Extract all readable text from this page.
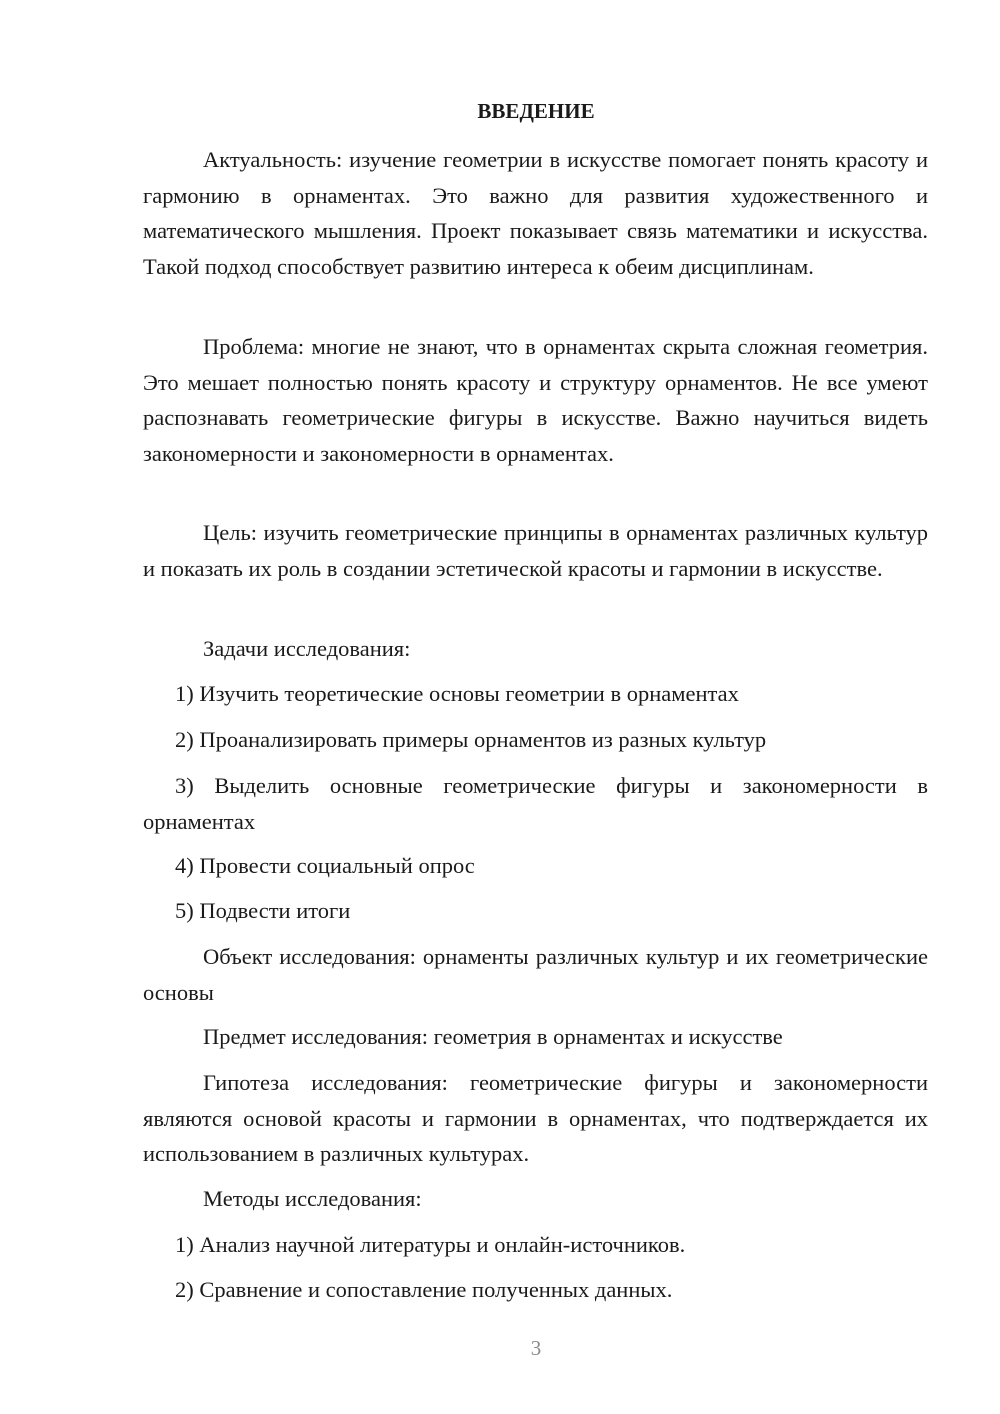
ВВЕДЕНИЕ
Актуальность: изучение геометрии в искусстве помогает понять красоту и гармонию в орнаментах. Это важно для развития художественного и математического мышления. Проект показывает связь математики и искусства. Такой подход способствует развитию интереса к обеим дисциплинам.
Проблема: многие не знают, что в орнаментах скрыта сложная геометрия. Это мешает полностью понять красоту и структуру орнаментов. Не все умеют распознавать геометрические фигуры в искусстве. Важно научиться видеть закономерности и закономерности в орнаментах.
Цель: изучить геометрические принципы в орнаментах различных культур и показать их роль в создании эстетической красоты и гармонии в искусстве.
Задачи исследования:
1) Изучить теоретические основы геометрии в орнаментах
2) Проанализировать примеры орнаментов из разных культур
3) Выделить основные геометрические фигуры и закономерности в орнаментах
4) Провести социальный опрос
5) Подвести итоги
Объект исследования: орнаменты различных культур и их геометрические основы
Предмет исследования: геометрия в орнаментах и искусстве
Гипотеза исследования: геометрические фигуры и закономерности являются основой красоты и гармонии в орнаментах, что подтверждается их использованием в различных культурах.
Методы исследования:
1) Анализ научной литературы и онлайн-источников.
2) Сравнение и сопоставление полученных данных.
3
